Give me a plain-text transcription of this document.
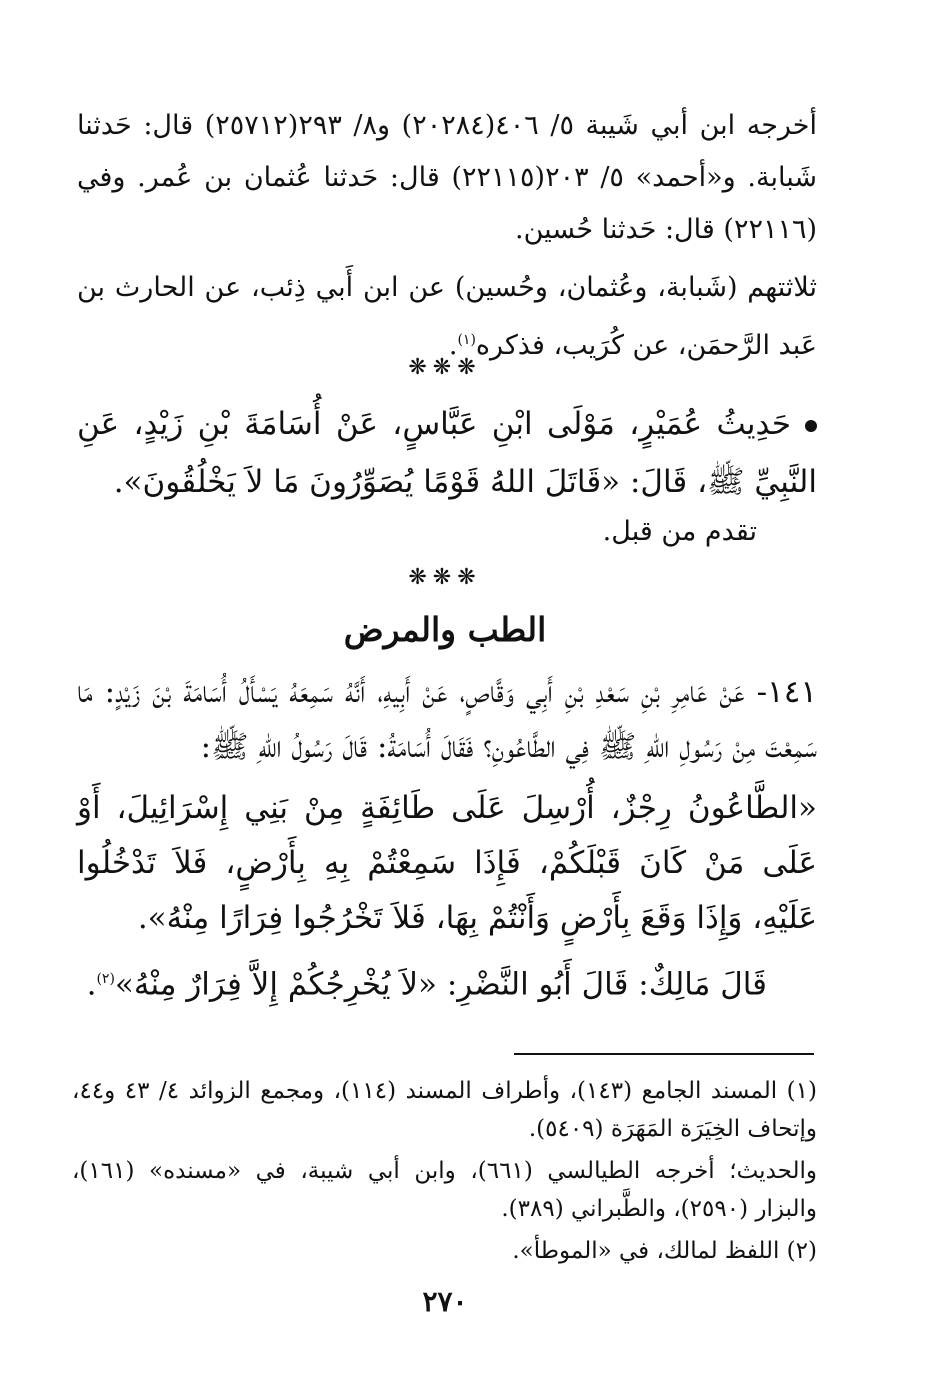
أخرجه ابن أبي شَيبة ٥/ ٤٠٦(٢٠٢٨٤) و٨/ ٢٩٣(٢٥٧١٢) قال: حَدثنا شَبابة. و«أحمد» ٥/ ٢٠٣(٢٢١١٥) قال: حَدثنا عُثمان بن عُمر. وفي (٢٢١١٦) قال: حَدثنا حُسين.

ثلاثتهم (شَبابة، وعُثمان، وحُسين) عن ابن أَبي ذِئب، عن الحارث بن عَبد الرَّحمَن، عن كُرَيب، فذكره$^{(١)}$.

❋❋❋

حَدِيثُ عُمَيْرٍ، مَوْلَى ابْنِ عَبَّاسٍ، عَنْ أُسَامَةَ بْنِ زَيْدٍ، عَنِ النَّبِيِّ ﷺ، قَالَ: «قَاتَلَ اللهُ قَوْمًا يُصَوِّرُونَ مَا لاَ يَخْلُقُونَ».

تقدم من قبل.
❋❋❋
الطب والمرض

١٤١- عَنْ عَامِرِ بْنِ سَعْدِ بْنِ أَبِي وَقَّاصٍ، عَنْ أَبِيهِ، أَنَّهُ سَمِعَهُ يَسْأَلُ أُسَامَةَ بْنَ زَيْدٍ: مَا سَمِعْتَ مِنْ رَسُولِ اللهِ ﷺ فِي الطَّاعُونِ؟ فَقَالَ أُسَامَةُ: قَالَ رَسُولُ اللهِ ﷺ:

«الطَّاعُونُ رِجْزٌ، أُرْسِلَ عَلَى طَائِفَةٍ مِنْ بَنِي إِسْرَائِيلَ، أَوْ عَلَى مَنْ كَانَ قَبْلَكُمْ، فَإِذَا سَمِعْتُمْ بِهِ بِأَرْضٍ، فَلاَ تَدْخُلُوا عَلَيْهِ، وَإِذَا وَقَعَ بِأَرْضٍ وَأَنْتُمْ بِهَا، فَلاَ تَخْرُجُوا فِرَارًا مِنْهُ».

قَالَ مَالِكٌ: قَالَ أَبُو النَّضْرِ: «لاَ يُخْرِجُكُمْ إِلاَّ فِرَارٌ مِنْهُ»$^{(٢)}$.

(١) المسند الجامع (١٤٣)، وأطراف المسند (١١٤)، ومجمع الزوائد ٤/ ٤٣ و٤٤، وإتحاف الخِيَرَة المَهَرَة (٥٤٠٩).

والحديث؛ أخرجه الطيالسي (٦٦١)، وابن أبي شيبة، في «مسنده» (١٦١)، والبزار (٢٥٩٠)، والطَّبراني (٣٨٩).

(٢) اللفظ لمالك، في «الموطأ».

٢٧٠
